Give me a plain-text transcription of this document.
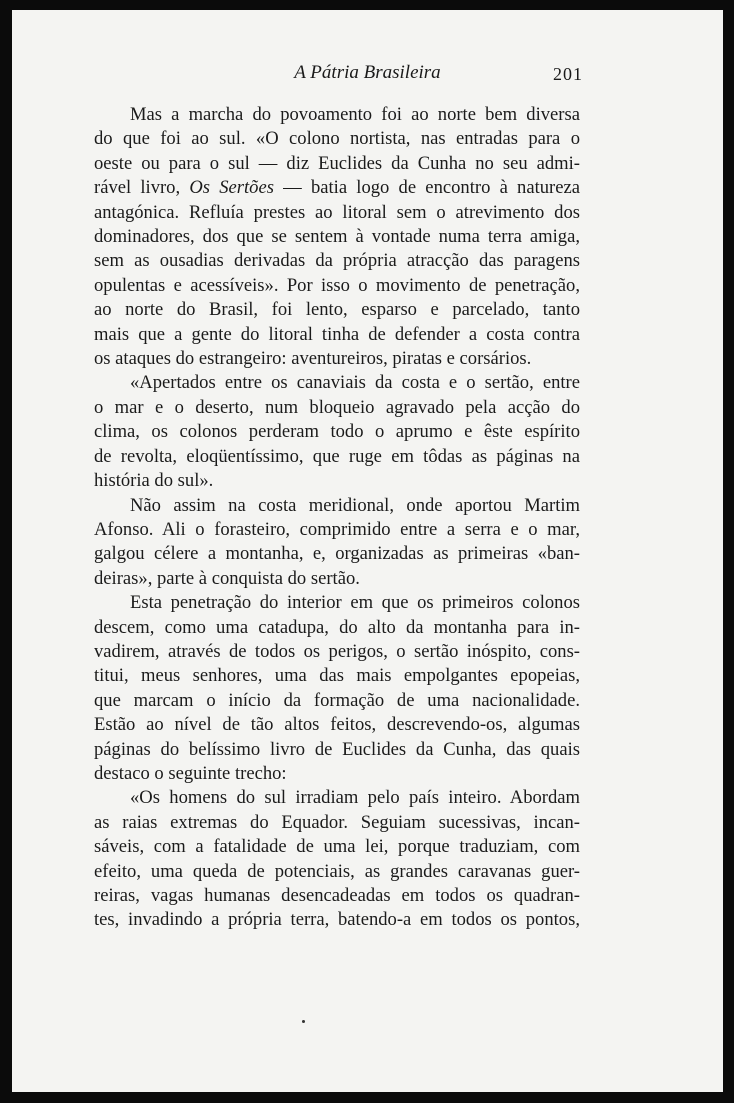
A Pátria Brasileira	201
Mas a marcha do povoamento foi ao norte bem diversa
do que foi ao sul. «O colono nortista, nas entradas para o
oeste ou para o sul — diz Euclides da Cunha no seu admi-
rável livro, Os Sertões — batia logo de encontro à natureza
antagónica. Refluía prestes ao litoral sem o atrevimento dos
dominadores, dos que se sentem à vontade numa terra amiga,
sem as ousadias derivadas da própria atracção das paragens
opulentas e acessíveis». Por isso o movimento de penetração,
ao norte do Brasil, foi lento, esparso e parcelado, tanto
mais que a gente do litoral tinha de defender a costa contra
os ataques do estrangeiro: aventureiros, piratas e corsários.
«Apertados entre os canaviais da costa e o sertão, entre
o mar e o deserto, num bloqueio agravado pela acção do
clima, os colonos perderam todo o aprumo e êste espírito
de revolta, eloqüentíssimo, que ruge em tôdas as páginas na
história do sul».
Não assim na costa meridional, onde aportou Martim
Afonso. Ali o forasteiro, comprimido entre a serra e o mar,
galgou célere a montanha, e, organizadas as primeiras «ban-
deiras», parte à conquista do sertão.
Esta penetração do interior em que os primeiros colonos
descem, como uma catadupa, do alto da montanha para in-
vadirem, através de todos os perigos, o sertão inóspito, cons-
titui, meus senhores, uma das mais empolgantes epopeias,
que marcam o início da formação de uma nacionalidade.
Estão ao nível de tão altos feitos, descrevendo-os, algumas
páginas do belíssimo livro de Euclides da Cunha, das quais
destaco o seguinte trecho:
«Os homens do sul irradiam pelo país inteiro. Abordam
as raias extremas do Equador. Seguiam sucessivas, incan-
sáveis, com a fatalidade de uma lei, porque traduziam, com
efeito, uma queda de potenciais, as grandes caravanas guer-
reiras, vagas humanas desencadeadas em todos os quadran-
tes, invadindo a própria terra, batendo-a em todos os pontos,
